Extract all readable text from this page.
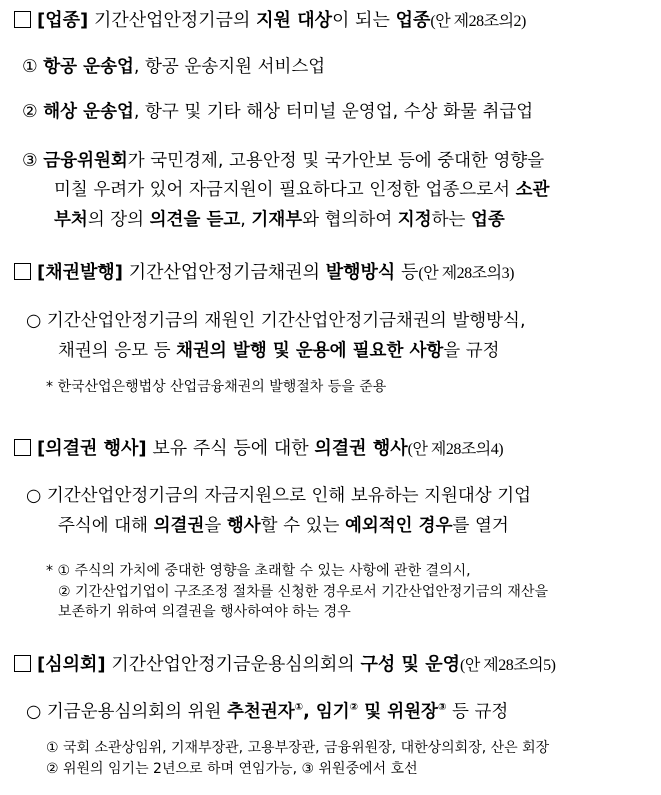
[업종] 기간산업안정기금의 지원 대상이 되는 업종(안 제28조의2)
① 항공 운송업, 항공 운송지원 서비스업
② 해상 운송업, 항구 및 기타 해상 터미널 운영업, 수상 화물 취급업
③ 금융위원회가 국민경제, 고용안정 및 국가안보 등에 중대한 영향을
미칠 우려가 있어 자금지원이 필요하다고 인정한 업종으로서 소관
부처의 장의 의견을 듣고, 기재부와 협의하여 지정하는 업종
[채권발행] 기간산업안정기금채권의 발행방식 등(안 제28조의3)
○ 기간산업안정기금의 재원인 기간산업안정기금채권의 발행방식,
채권의 응모 등 채권의 발행 및 운용에 필요한 사항을 규정
* 한국산업은행법상 산업금융채권의 발행절차 등을 준용
[의결권 행사] 보유 주식 등에 대한 의결권 행사(안 제28조의4)
○ 기간산업안정기금의 자금지원으로 인해 보유하는 지원대상 기업
주식에 대해 의결권을 행사할 수 있는 예외적인 경우를 열거
* ① 주식의 가치에 중대한 영향을 초래할 수 있는 사항에 관한 결의시,
② 기간산업기업이 구조조정 절차를 신청한 경우로서 기간산업안정기금의 재산을
보존하기 위하여 의결권을 행사하여야 하는 경우
[심의회] 기간산업안정기금운용심의회의 구성 및 운영(안 제28조의5)
○ 기금운용심의회의 위원 추천권자①, 임기② 및 위원장③ 등 규정
① 국회 소관상임위, 기재부장관, 고용부장관, 금융위원장, 대한상의회장, 산은 회장
② 위원의 임기는 2년으로 하며 연임가능, ③ 위원중에서 호선
